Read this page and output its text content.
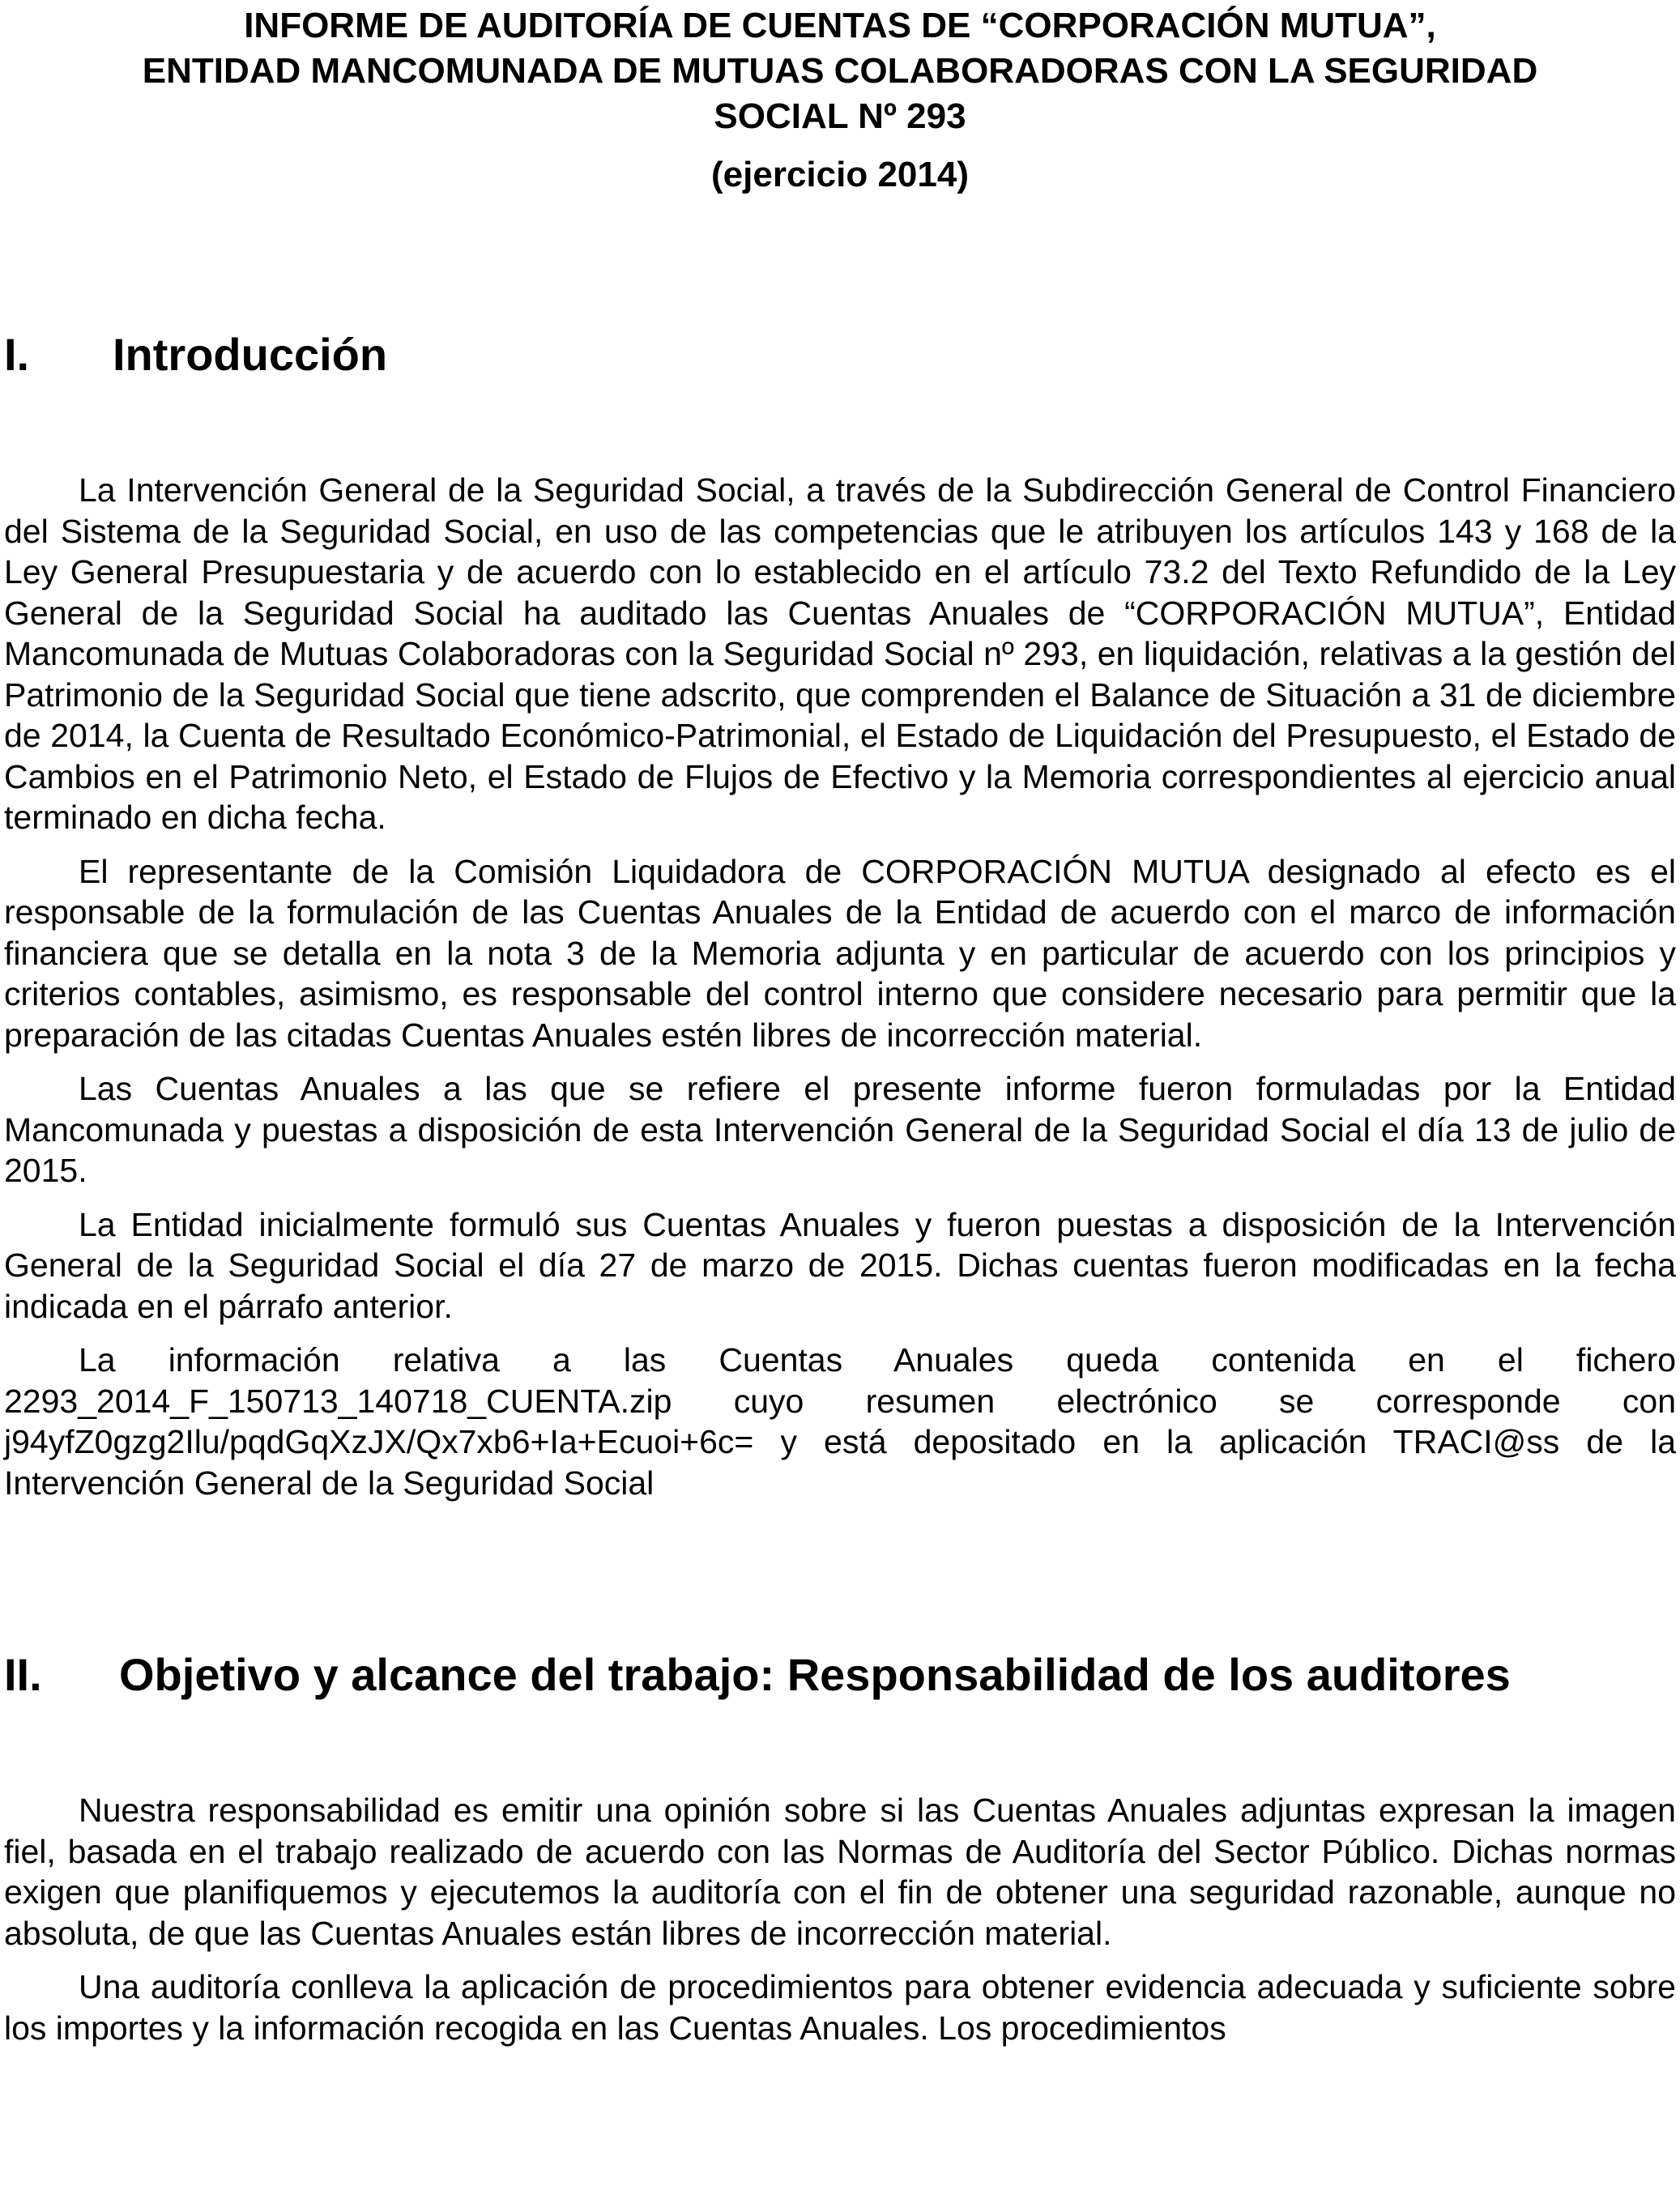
INFORME DE AUDITORÍA DE CUENTAS DE “CORPORACIÓN MUTUA”,
ENTIDAD MANCOMUNADA DE MUTUAS COLABORADORAS CON LA SEGURIDAD
SOCIAL Nº 293
(ejercicio 2014)
I.	Introducción

La Intervención General de la Seguridad Social, a través de la Subdirección General de Control Financiero del Sistema de la Seguridad Social, en uso de las competencias que le atribuyen los artículos 143 y 168 de la Ley General Presupuestaria y de acuerdo con lo establecido en el artículo 73.2 del Texto Refundido de la Ley General de la Seguridad Social ha auditado las Cuentas Anuales de “CORPORACIÓN MUTUA”, Entidad Mancomunada de Mutuas Colaboradoras con la Seguridad Social nº 293, en liquidación, relativas a la gestión del Patrimonio de la Seguridad Social que tiene adscrito, que comprenden el Balance de Situación a 31 de diciembre de 2014, la Cuenta de Resultado Económico-Patrimonial, el Estado de Liquidación del Presupuesto, el Estado de Cambios en el Patrimonio Neto, el Estado de Flujos de Efectivo y la Memoria correspondientes al ejercicio anual terminado en dicha fecha.

El representante de la Comisión Liquidadora de CORPORACIÓN MUTUA designado al efecto es el responsable de la formulación de las Cuentas Anuales de la Entidad de acuerdo con el marco de información financiera que se detalla en la nota 3 de la Memoria adjunta y en particular de acuerdo con los principios y criterios contables, asimismo, es responsable del control interno que considere necesario para permitir que la preparación de las citadas Cuentas Anuales estén libres de incorrección material.

Las Cuentas Anuales a las que se refiere el presente informe fueron formuladas por la Entidad Mancomunada y puestas a disposición de esta Intervención General de la Seguridad Social el día 13 de julio de 2015.

La Entidad inicialmente formuló sus Cuentas Anuales y fueron puestas a disposición de la Intervención General de la Seguridad Social el día 27 de marzo de 2015. Dichas cuentas fueron modificadas en la fecha indicada en el párrafo anterior.

La información relativa a las Cuentas Anuales queda contenida en el fichero 2293_2014_F_150713_140718_CUENTA.zip cuyo resumen electrónico se corresponde con j94yfZ0gzg2Ilu/pqdGqXzJX/Qx7xb6+Ia+Ecuoi+6c= y está depositado en la aplicación TRACI@ss de la Intervención General de la Seguridad Social

II.	Objetivo y alcance del trabajo: Responsabilidad de los auditores

Nuestra responsabilidad es emitir una opinión sobre si las Cuentas Anuales adjuntas expresan la imagen fiel, basada en el trabajo realizado de acuerdo con las Normas de Auditoría del Sector Público. Dichas normas exigen que planifiquemos y ejecutemos la auditoría con el fin de obtener una seguridad razonable, aunque no absoluta, de que las Cuentas Anuales están libres de incorrección material.

Una auditoría conlleva la aplicación de procedimientos para obtener evidencia adecuada y suficiente sobre los importes y la información recogida en las Cuentas Anuales. Los procedimientos
